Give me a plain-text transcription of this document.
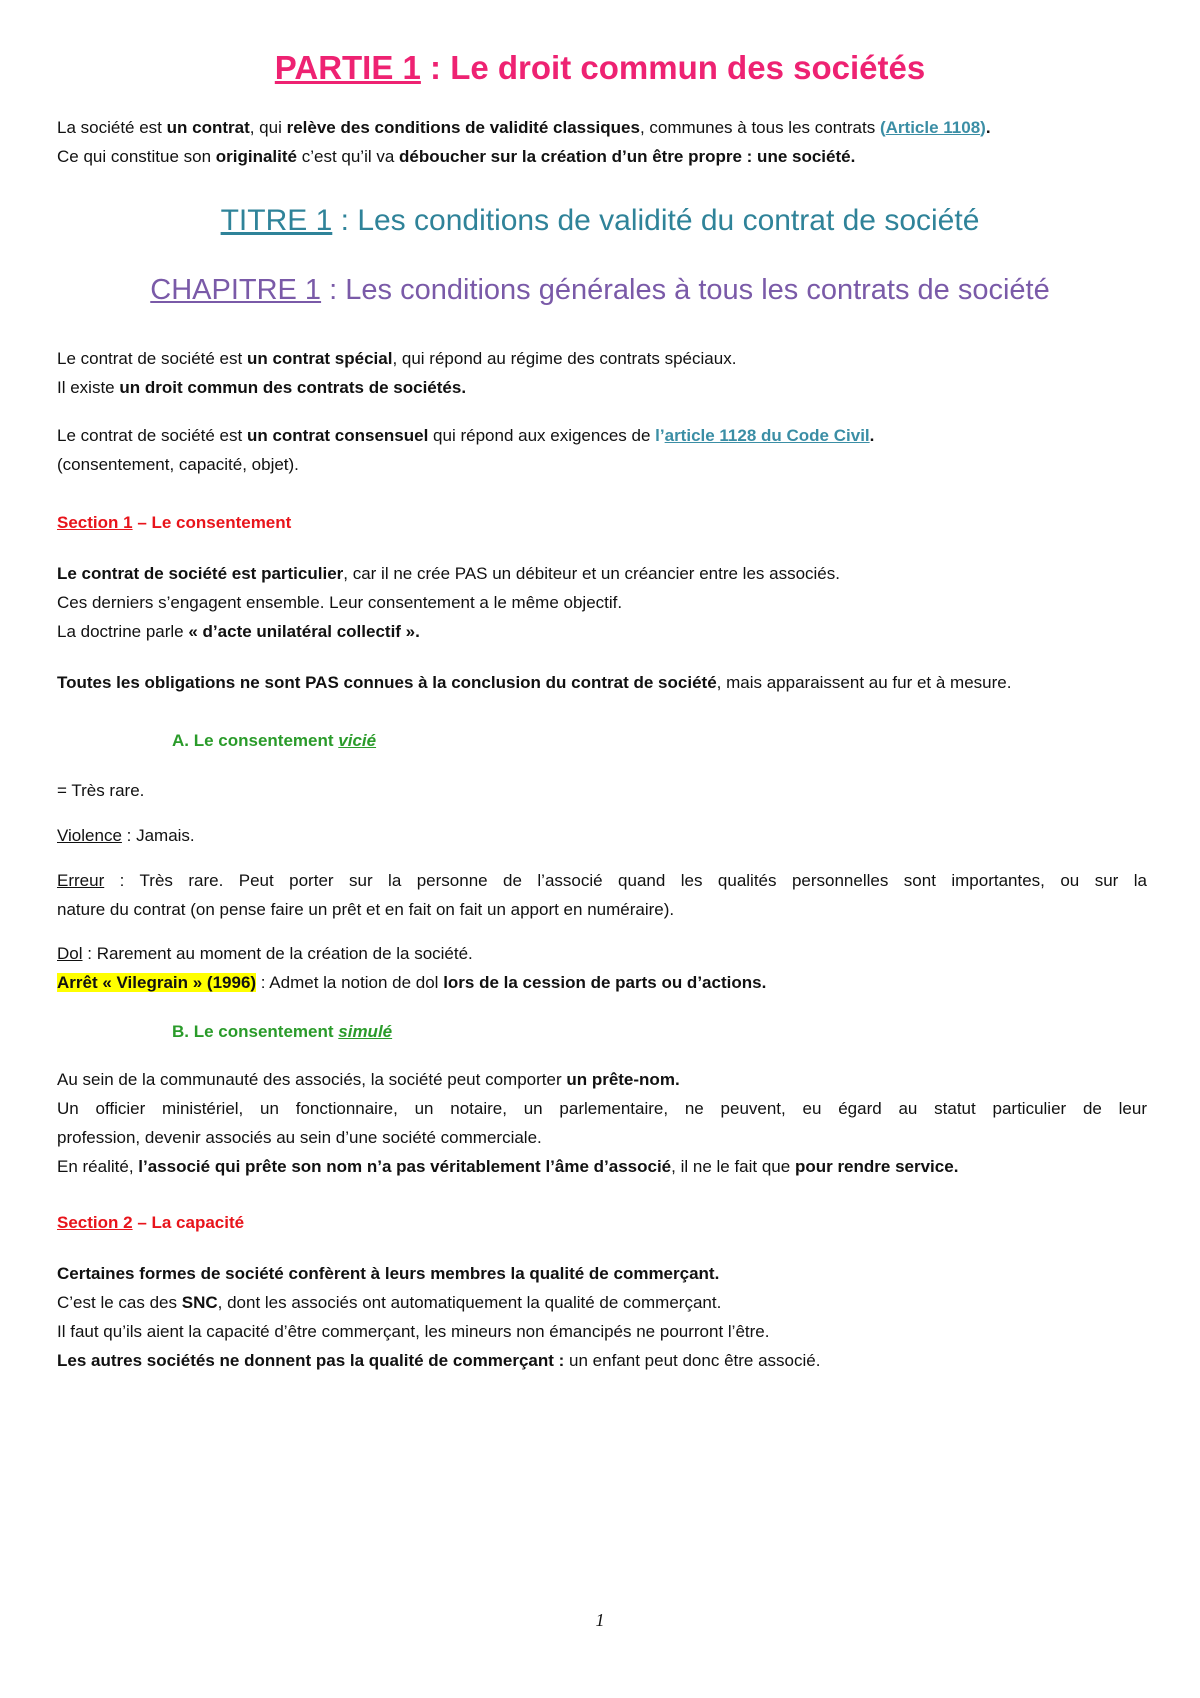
PARTIE 1 : Le droit commun des sociétés
La société est un contrat, qui relève des conditions de validité classiques, communes à tous les contrats (Article 1108).
Ce qui constitue son originalité c’est qu’il va déboucher sur la création d’un être propre : une société.
TITRE 1 : Les conditions de validité du contrat de société
CHAPITRE 1 : Les conditions générales à tous les contrats de société
Le contrat de société est un contrat spécial, qui répond au régime des contrats spéciaux.
Il existe un droit commun des contrats de sociétés.
Le contrat de société est un contrat consensuel qui répond aux exigences de l’article 1128 du Code Civil.
(consentement, capacité, objet).
Section 1 – Le consentement
Le contrat de société est particulier, car il ne crée PAS un débiteur et un créancier entre les associés.
Ces derniers s’engagent ensemble. Leur consentement a le même objectif.
La doctrine parle « d’acte unilatéral collectif ».
Toutes les obligations ne sont PAS connues à la conclusion du contrat de société, mais apparaissent au fur et à mesure.
A. Le consentement vicié
= Très rare.
Violence : Jamais.
Erreur : Très rare. Peut porter sur la personne de l’associé quand les qualités personnelles sont importantes, ou sur la
nature du contrat (on pense faire un prêt et en fait on fait un apport en numéraire).
Dol : Rarement au moment de la création de la société.
Arrêt « Vilegrain » (1996) : Admet la notion de dol lors de la cession de parts ou d’actions.
B. Le consentement simulé
Au sein de la communauté des associés, la société peut comporter un prête-nom.
Un officier ministériel, un fonctionnaire, un notaire, un parlementaire, ne peuvent, eu égard au statut particulier de leur
profession, devenir associés au sein d’une société commerciale.
En réalité, l’associé qui prête son nom n’a pas véritablement l’âme d’associé, il ne le fait que pour rendre service.
Section 2 – La capacité
Certaines formes de société confèrent à leurs membres la qualité de commerçant.
C’est le cas des SNC, dont les associés ont automatiquement la qualité de commerçant.
Il faut qu’ils aient la capacité d’être commerçant, les mineurs non émancipés ne pourront l’être.
Les autres sociétés ne donnent pas la qualité de commerçant : un enfant peut donc être associé.
1
